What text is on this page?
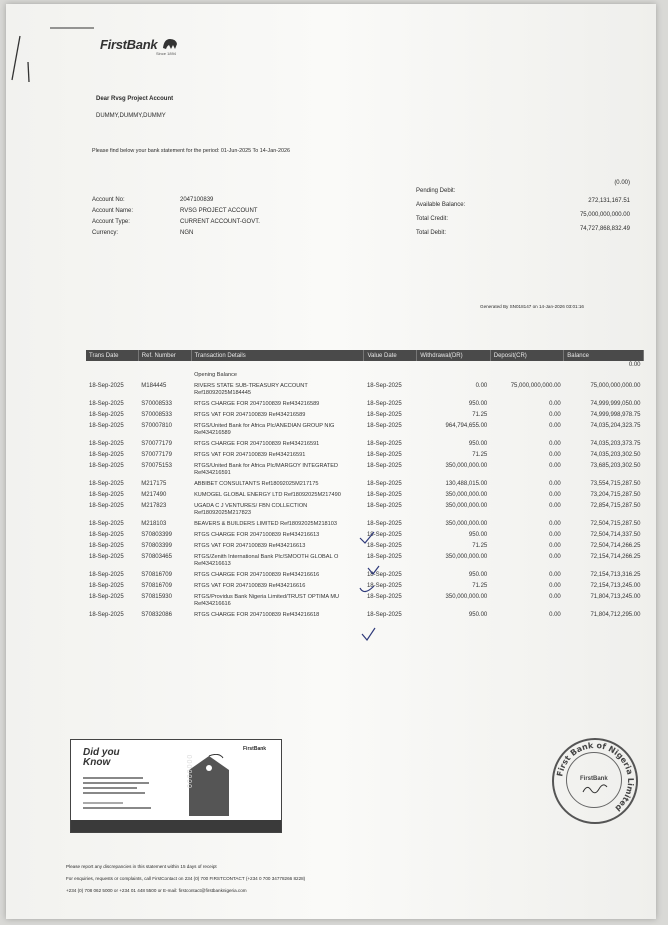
FirstBank
Since 1894
Dear Rvsg Project Account
DUMMY,DUMMY,DUMMY
Please find below your bank statement for the period: 01-Jun-2025 To 14-Jan-2026
Account No:	2047100839
Account Name:	RVSG PROJECT ACCOUNT
Account Type:	CURRENT ACCOUNT-GOVT.
Currency:	NGN
Pending Debit:
(0.00)
Available Balance:
272,131,167.51
Total Credit:
75,000,000,000.00
Total Debit:
74,727,868,832.49
Generated By SN018147 on 14-Jan-2026 03:01:16
Trans Date	Ref. Number	Transaction Details	Value Date	Withdrawal(DR)	Deposit(CR)	Balance
0.00						
		Opening Balance				
18-Sep-2025	M184445	RIVERS STATE SUB-TREASURY ACCOUNT Ref18092025M184445	18-Sep-2025	0.00	75,000,000,000.00	75,000,000,000.00
18-Sep-2025	S70008533	RTGS CHARGE FOR 2047100839 Ref434216589	18-Sep-2025	950.00	0.00	74,999,999,050.00
18-Sep-2025	S70008533	RTGS VAT FOR 2047100839 Ref434216589	18-Sep-2025	71.25	0.00	74,999,998,978.75
18-Sep-2025	S70007810	RTGS/United Bank for Africa Plc/ANEDIAN GROUP NIG Ref434216589	18-Sep-2025	964,794,655.00	0.00	74,035,204,323.75
18-Sep-2025	S70077179	RTGS CHARGE FOR 2047100839 Ref434216591	18-Sep-2025	950.00	0.00	74,035,203,373.75
18-Sep-2025	S70077179	RTGS VAT FOR 2047100839 Ref434216591	18-Sep-2025	71.25	0.00	74,035,203,302.50
18-Sep-2025	S70075153	RTGS/United Bank for Africa Plc/MARGOY INTEGRATED Ref434216591	18-Sep-2025	350,000,000.00	0.00	73,685,203,302.50
18-Sep-2025	M217175	ABBIBET CONSULTANTS Ref18092025M217175	18-Sep-2025	130,488,015.00	0.00	73,554,715,287.50
18-Sep-2025	M217490	KUMOGEL GLOBAL ENERGY LTD Ref18092025M217490	18-Sep-2025	350,000,000.00	0.00	73,204,715,287.50
18-Sep-2025	M217823	UGADA C J VENTURES/ FBN COLLECTION Ref18092025M217823	18-Sep-2025	350,000,000.00	0.00	72,854,715,287.50
18-Sep-2025	M218103	BEAVERS & BUILDERS LIMITED Ref18092025M218103	18-Sep-2025	350,000,000.00	0.00	72,504,715,287.50
18-Sep-2025	S70803399	RTGS CHARGE FOR 2047100839 Ref434216613	18-Sep-2025	950.00	0.00	72,504,714,337.50
18-Sep-2025	S70803399	RTGS VAT FOR 2047100839 Ref434216613	18-Sep-2025	71.25	0.00	72,504,714,266.25
18-Sep-2025	S70803465	RTGS/Zenith International Bank Plc/SMOOTH GLOBAL O Ref434216613	18-Sep-2025	350,000,000.00	0.00	72,154,714,266.25
18-Sep-2025	S70816709	RTGS CHARGE FOR 2047100839 Ref434216616	18-Sep-2025	950.00	0.00	72,154,713,316.25
18-Sep-2025	S70816709	RTGS VAT FOR 2047100839 Ref434216616	18-Sep-2025	71.25	0.00	72,154,713,245.00
18-Sep-2025	S70815930	RTGS/Providus Bank Nigeria Limited/TRUST OPTIMA MU Ref434216616	18-Sep-2025	350,000,000.00	0.00	71,804,713,245.00
18-Sep-2025	S70832086	RTGS CHARGE FOR 2047100839 Ref434216618	18-Sep-2025	950.00	0.00	71,804,712,295.00
Did you Know
FirstBank
0000000	First Bank of Nigeria Limited
FirstBank
Please report any discrepancies in this statement within 15 days of receipt
For enquiries, requests or complaints, call FirstContact on 234 (0) 700 FIRSTCONTACT (+234 0 700 34778266 8228)
+234 (0) 708 062 5000 or +234 01 448 5500 or E-mail: firstcontact@firstbanknigeria.com
